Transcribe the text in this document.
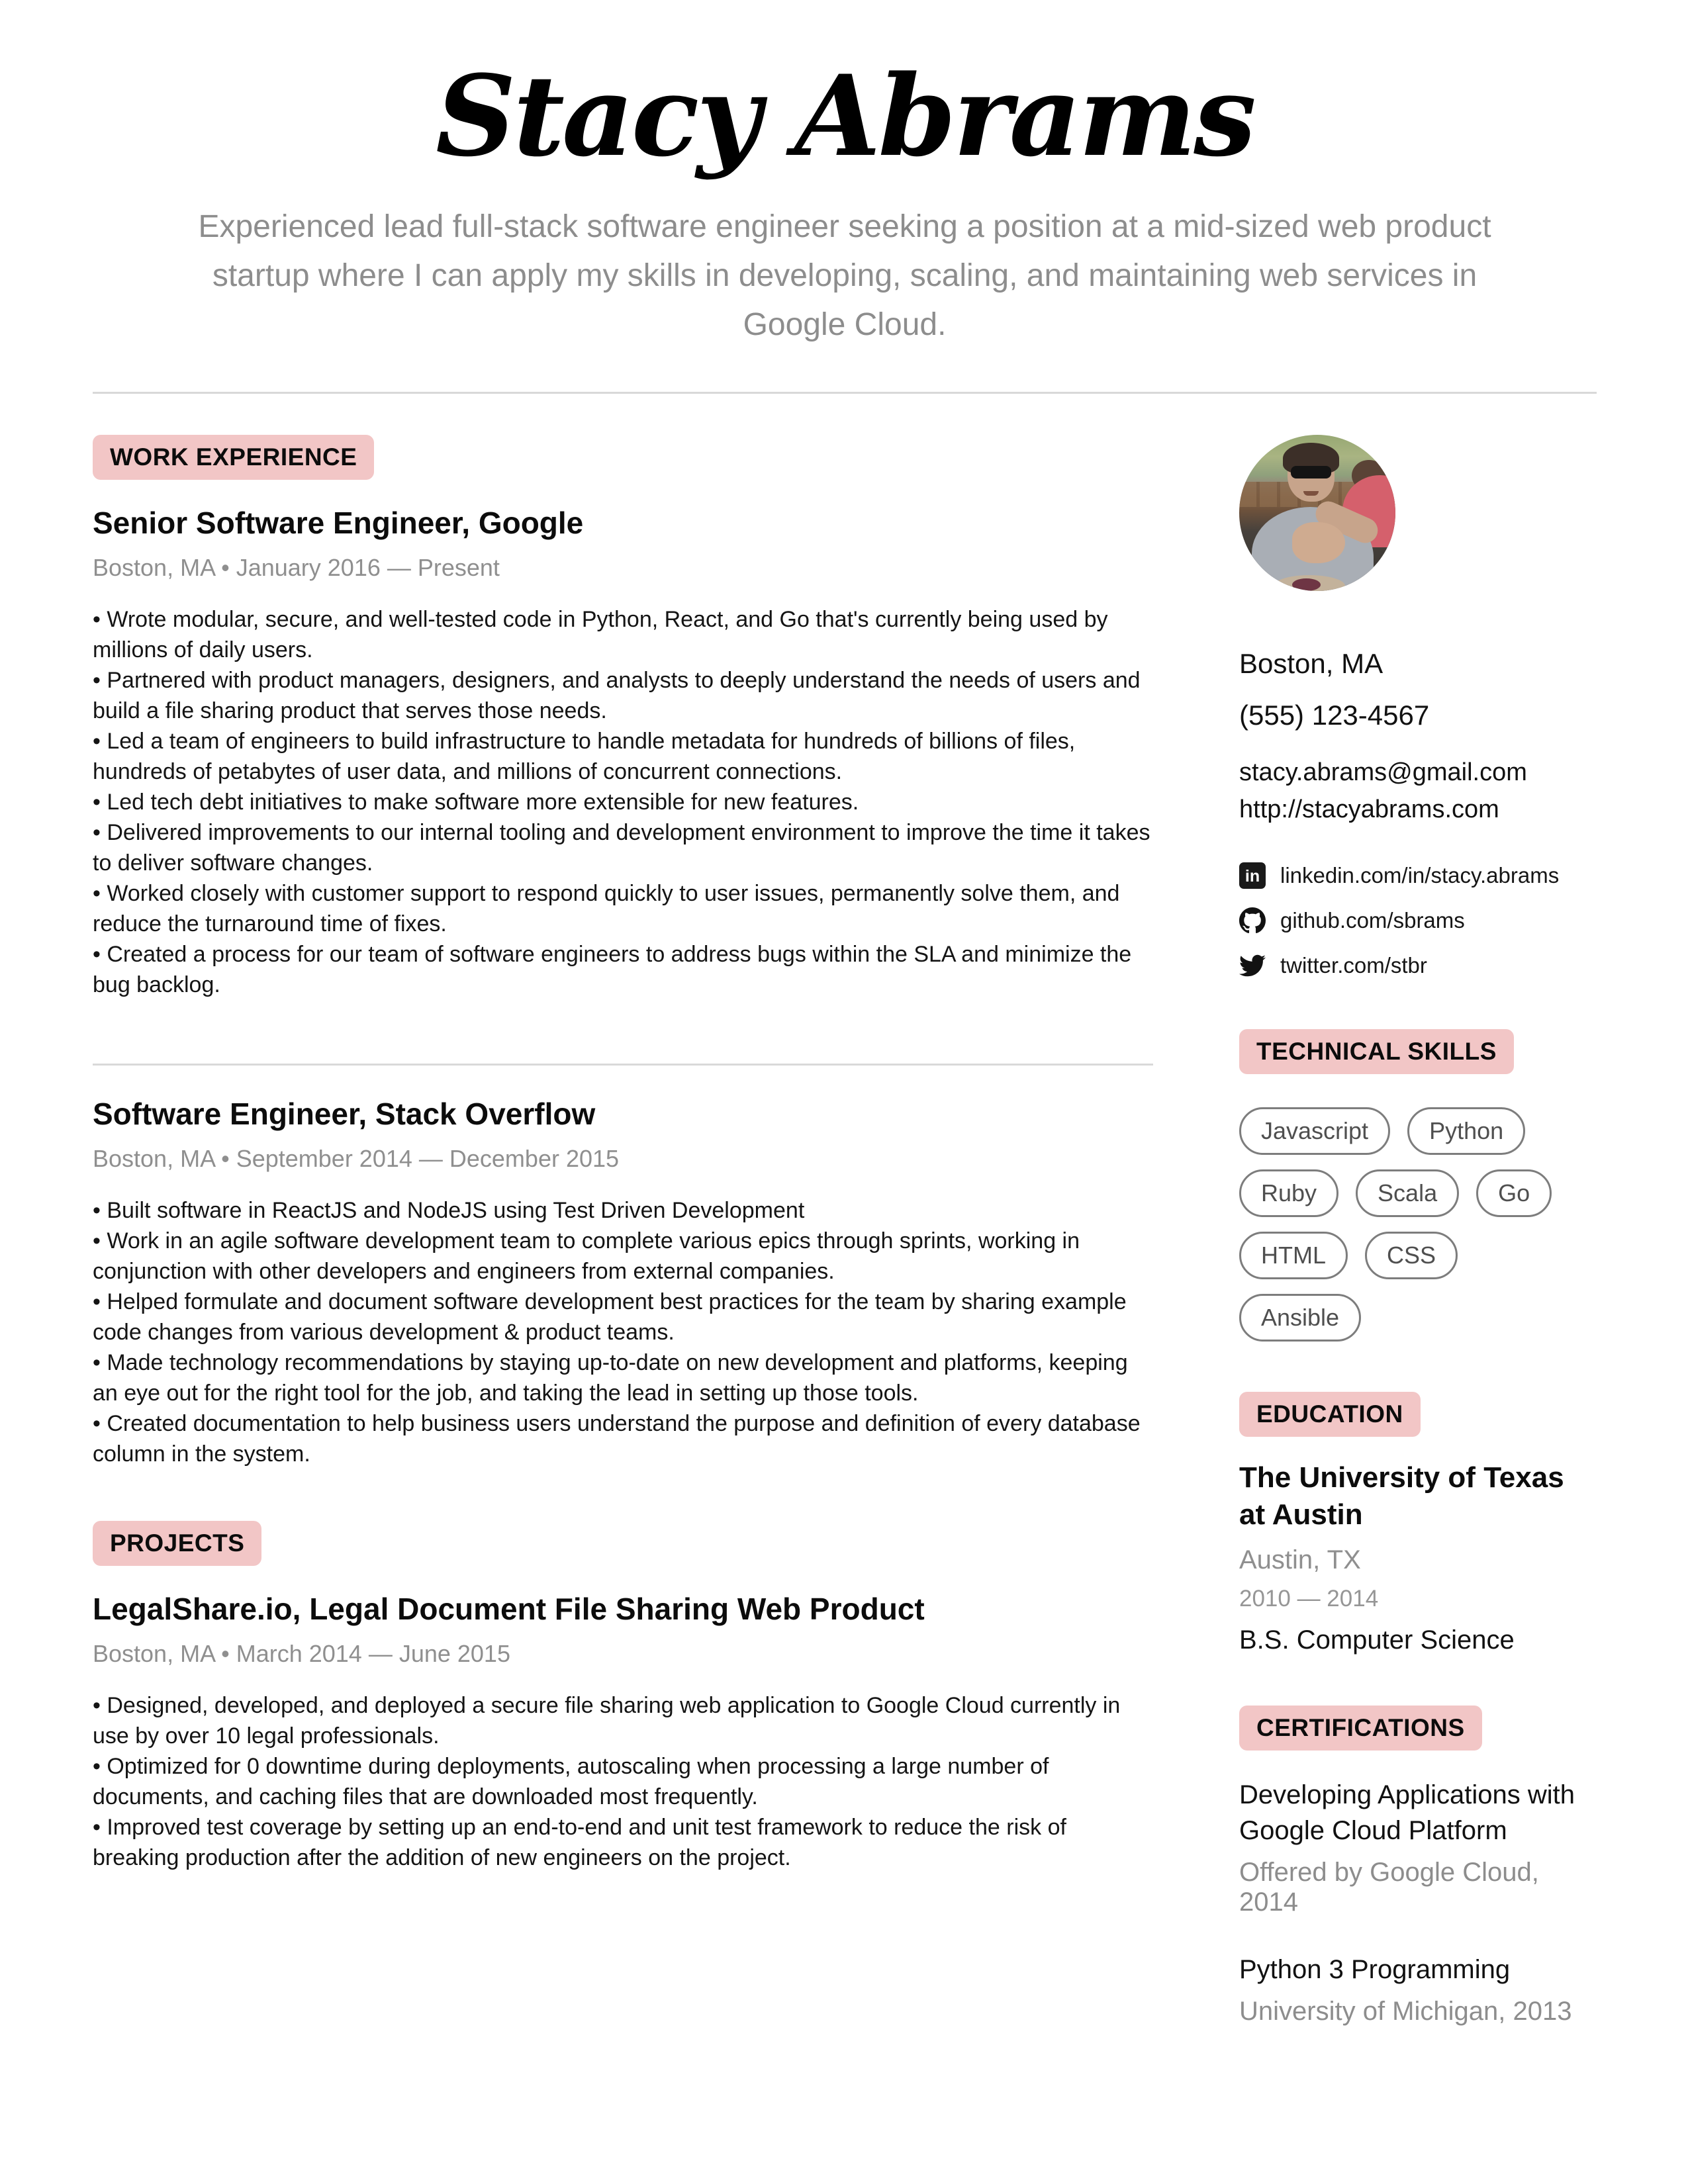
Stacy Abrams
Experienced lead full-stack software engineer seeking a position at a mid-sized web product startup where I can apply my skills in developing, scaling, and maintaining web services in Google Cloud.
WORK EXPERIENCE
Senior Software Engineer, Google
Boston, MA • January 2016 — Present

• Wrote modular, secure, and well-tested code in Python, React, and Go that's currently being used by millions of daily users.

• Partnered with product managers, designers, and analysts to deeply understand the needs of users and build a file sharing product that serves those needs.

• Led a team of engineers to build infrastructure to handle metadata for hundreds of billions of files, hundreds of petabytes of user data, and millions of concurrent connections.

• Led tech debt initiatives to make software more extensible for new features.

• Delivered improvements to our internal tooling and development environment to improve the time it takes to deliver software changes.

• Worked closely with customer support to respond quickly to user issues, permanently solve them, and reduce the turnaround time of fixes.

• Created a process for our team of software engineers to address bugs within the SLA and minimize the bug backlog.

Software Engineer, Stack Overflow
Boston, MA • September 2014 — December 2015

• Built software in ReactJS and NodeJS using Test Driven Development

• Work in an agile software development team to complete various epics through sprints, working in conjunction with other developers and engineers from external companies.

• Helped formulate and document software development best practices for the team by sharing example code changes from various development & product teams.

• Made technology recommendations by staying up-to-date on new development and platforms, keeping an eye out for the right tool for the job, and taking the lead in setting up those tools.

• Created documentation to help business users understand the purpose and definition of every database column in the system.

PROJECTS
LegalShare.io, Legal Document File Sharing Web Product
Boston, MA • March 2014 — June 2015

• Designed, developed, and deployed a secure file sharing web application to Google Cloud currently in use by over 10 legal professionals.

• Optimized for 0 downtime during deployments, autoscaling when processing a large number of documents, and caching files that are downloaded most frequently.

• Improved test coverage by setting up an end-to-end and unit test framework to reduce the risk of breaking production after the addition of new engineers on the project.

Boston, MA
(555) 123-4567
stacy.abrams@gmail.com
http://stacyabrams.com
in linkedin.com/in/stacy.abrams
github.com/sbrams
twitter.com/stbr
TECHNICAL SKILLS
Javascript	Python
Ruby	Scala	Go
HTML	CSS
Ansible
EDUCATION
The University of Texas at Austin
Austin, TX
2010 — 2014
B.S. Computer Science
CERTIFICATIONS
Developing Applications with Google Cloud Platform
Offered by Google Cloud, 2014
Python 3 Programming
University of Michigan, 2013
